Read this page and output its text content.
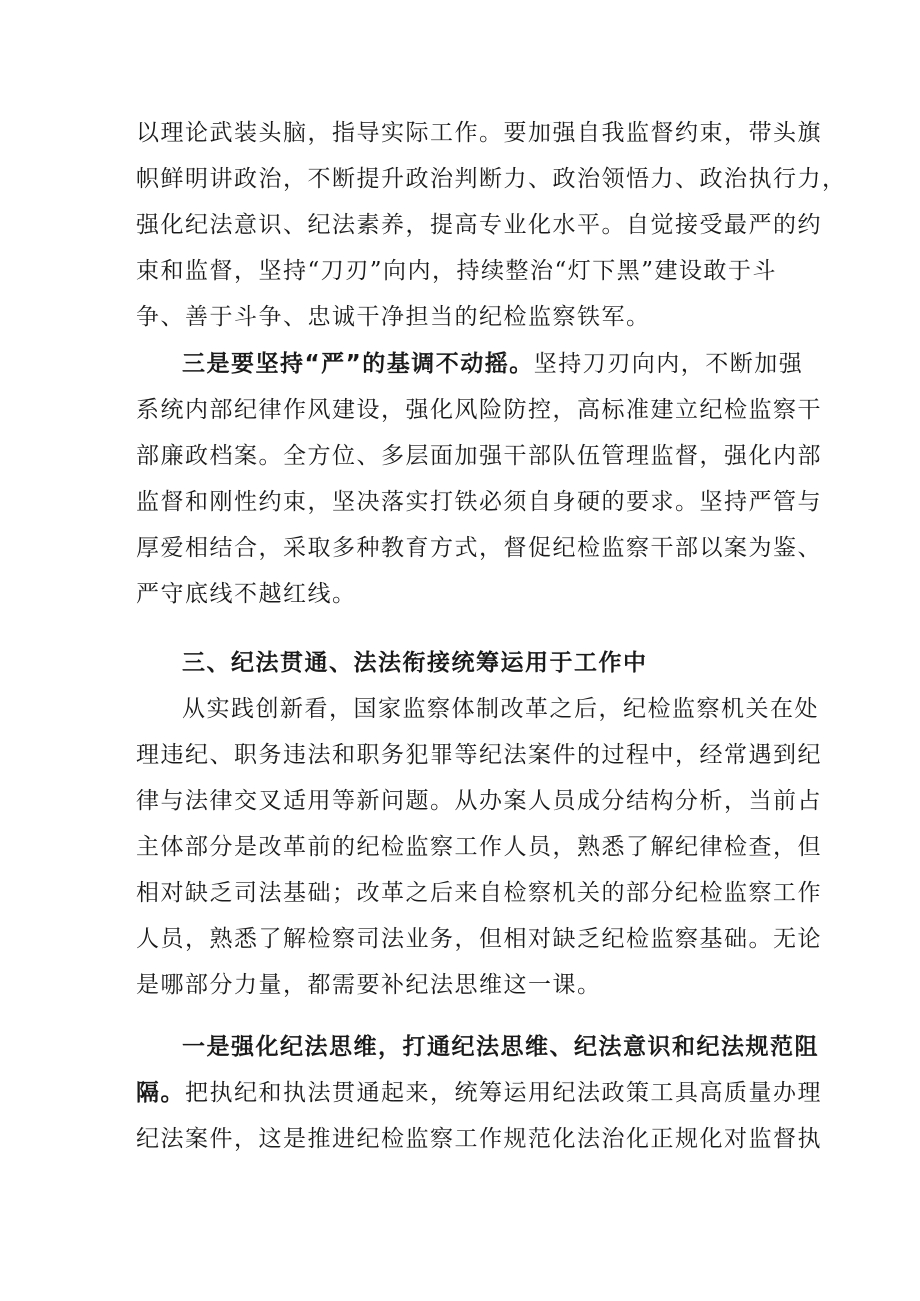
以理论武装头脑，指导实际工作。要加强自我监督约束，带头旗
帜鲜明讲政治，不断提升政治判断力、政治领悟力、政治执行力，
强化纪法意识、纪法素养，提高专业化水平。自觉接受最严的约
束和监督，坚持“刀刃”向内，持续整治“灯下黑”建设敢于斗
争、善于斗争、忠诚干净担当的纪检监察铁军。
三是要坚持“严”的基调不动摇。坚持刀刃向内，不断加强
系统内部纪律作风建设，强化风险防控，高标准建立纪检监察干
部廉政档案。全方位、多层面加强干部队伍管理监督，强化内部
监督和刚性约束，坚决落实打铁必须自身硬的要求。坚持严管与
厚爱相结合，采取多种教育方式，督促纪检监察干部以案为鉴、
严守底线不越红线。
三、纪法贯通、法法衔接统筹运用于工作中
从实践创新看，国家监察体制改革之后，纪检监察机关在处
理违纪、职务违法和职务犯罪等纪法案件的过程中，经常遇到纪
律与法律交叉适用等新问题。从办案人员成分结构分析，当前占
主体部分是改革前的纪检监察工作人员，熟悉了解纪律检查，但
相对缺乏司法基础；改革之后来自检察机关的部分纪检监察工作
人员，熟悉了解检察司法业务，但相对缺乏纪检监察基础。无论
是哪部分力量，都需要补纪法思维这一课。
一是强化纪法思维，打通纪法思维、纪法意识和纪法规范阻
隔。把执纪和执法贯通起来，统筹运用纪法政策工具高质量办理
纪法案件，这是推进纪检监察工作规范化法治化正规化对监督执
